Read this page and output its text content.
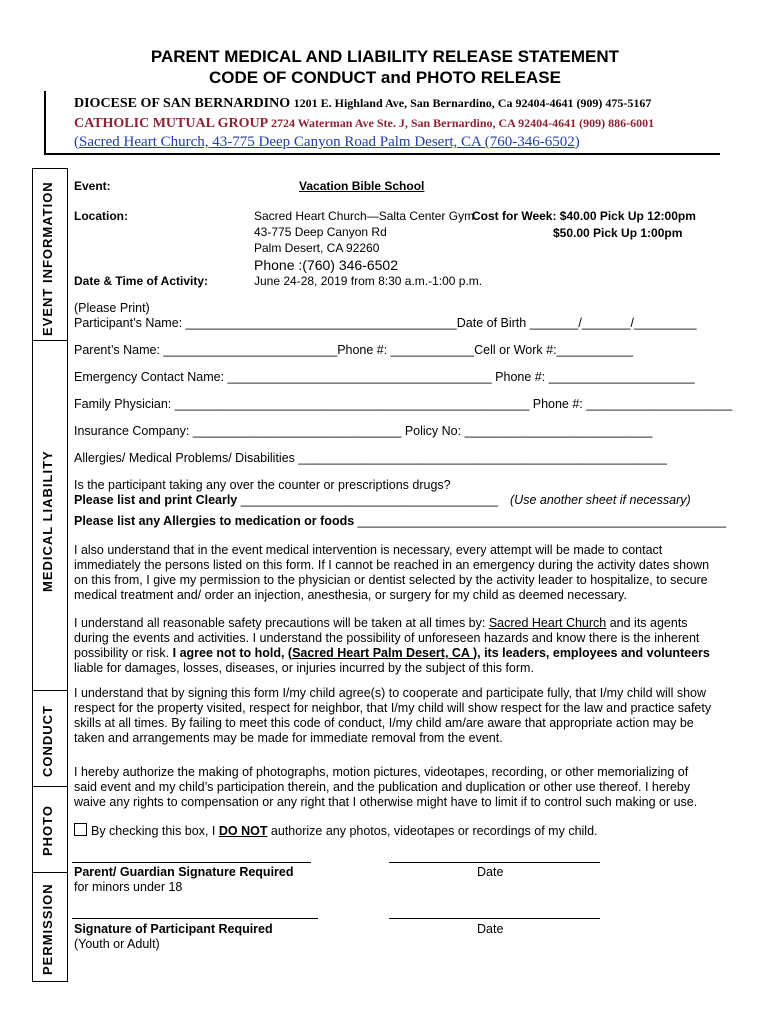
PARENT MEDICAL AND LIABILITY RELEASE STATEMENT
CODE OF CONDUCT and PHOTO RELEASE
DIOCESE OF SAN BERNARDINO 1201 E. Highland Ave, San Bernardino, Ca 92404-4641 (909) 475-5167
CATHOLIC MUTUAL GROUP 2724 Waterman Ave Ste. J, San Bernardino, CA 92404-4641 (909) 886-6001
(Sacred Heart Church, 43-775 Deep Canyon Road Palm Desert, CA (760-346-6502)
EVENT INFORMATION
MEDICAL LIABILITY
CONDUCT
PHOTO
PERMISSION
Event:	Vacation Bible School
Location:	Sacred Heart Church—Salta Center Gym
43-775 Deep Canyon Rd
Palm Desert, CA 92260
Phone :(760) 346-6502
Cost for Week: $40.00 Pick Up 12:00pm
$50.00 Pick Up 1:00pm
Date & Time of Activity:	June 24-28, 2019 from 8:30 a.m.-1:00 p.m.
(Please Print)
Participant’s Name: _______________________________________Date of Birth _______/_______/_________
Parent’s Name: _________________________Phone #: ____________Cell or Work #:___________
Emergency Contact Name: ______________________________________ Phone #: _____________________
Family Physician: ___________________________________________________ Phone #: _____________________
Insurance Company: ______________________________ Policy No: ___________________________
Allergies/ Medical Problems/ Disabilities _____________________________________________________
Is the participant taking any over the counter or prescriptions drugs?
Please list and print Clearly _____________________________________ (Use another sheet if necessary)
Please list any Allergies to medication or foods _____________________________________________________
I also understand that in the event medical intervention is necessary, every attempt will be made to contact immediately the persons listed on this form. If I cannot be reached in an emergency during the activity dates shown on this from, I give my permission to the physician or dentist selected by the activity leader to hospitalize, to secure medical treatment and/ order an injection, anesthesia, or surgery for my child as deemed necessary.
I understand all reasonable safety precautions will be taken at all times by: Sacred Heart Church and its agents during the events and activities. I understand the possibility of unforeseen hazards and know there is the inherent possibility or risk. I agree not to hold, (Sacred Heart Palm Desert, CA ), its leaders, employees and volunteers liable for damages, losses, diseases, or injuries incurred by the subject of this form.
I understand that by signing this form I/my child agree(s) to cooperate and participate fully, that I/my child will show respect for the property visited, respect for neighbor, that I/my child will show respect for the law and practice safety skills at all times. By failing to meet this code of conduct, I/my child am/are aware that appropriate action may be taken and arrangements may be made for immediate removal from the event.
I hereby authorize the making of photographs, motion pictures, videotapes, recording, or other memorializing of said event and my child’s participation therein, and the publication and duplication or other use thereof. I hereby waive any rights to compensation or any right that I otherwise might have to limit if to control such making or use.
By checking this box, I DO NOT authorize any photos, videotapes or recordings of my child.
Parent/ Guardian Signature Required
for minors under 18
Date
Signature of Participant Required
(Youth or Adult)
Date
